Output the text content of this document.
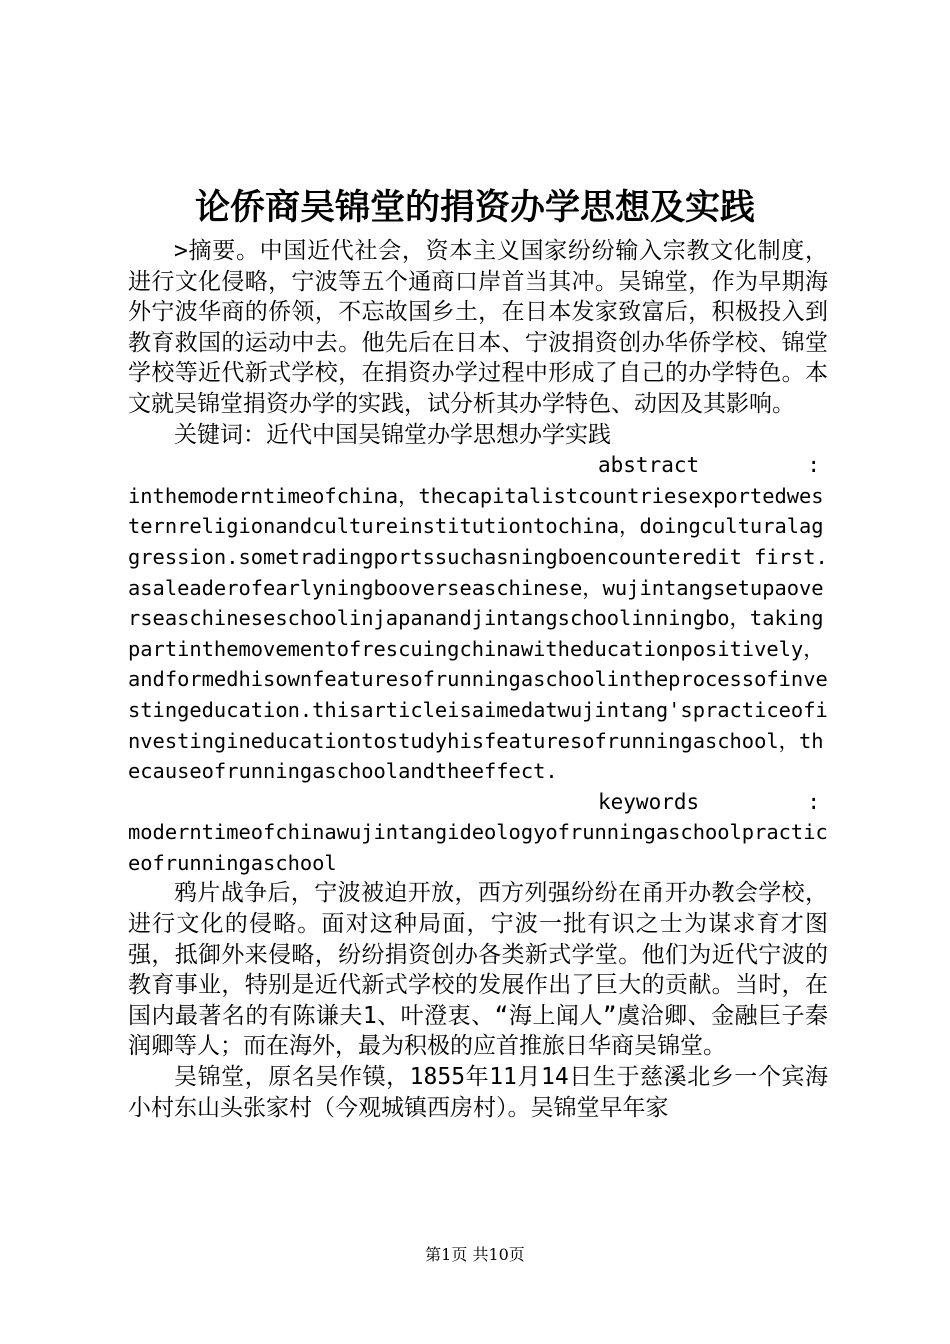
论侨商吴锦堂的捐资办学思想及实践
>摘要。中国近代社会，资本主义国家纷纷输入宗教文化制度，进行文化侵略，宁波等五个通商口岸首当其冲。吴锦堂，作为早期海外宁波华商的侨领，不忘故国乡土，在日本发家致富后，积极投入到教育救国的运动中去。他先后在日本、宁波捐资创办华侨学校、锦堂学校等近代新式学校，在捐资办学过程中形成了自己的办学特色。本文就吴锦堂捐资办学的实践，试分析其办学特色、动因及其影响。
关键词：近代中国吴锦堂办学思想办学实践
abstract	:
inthemoderntimeofchina，thecapitalistcountriesexportedwesternreligionandcultureinstitutiontochina，doingculturalaggression.sometradingportssuchasningboencounteredit first.asaleaderofearlyningbooverseaschinese，wujintangsetupaoverseaschineseschoolinjapanandjintangschoolinningbo，takingpartinthemovementofrescuingchinawitheducationpositively，andformedhisownfeaturesofrunningaschoolintheprocessofinvestingeducation.thisarticleisaimedatwujintang'spracticeofinvestingineducationtostudyhisfeaturesofrunningaschool，thecauseofrunningaschoolandtheeffect.
keywords	:
moderntimeofchinawujintangideologyofrunningaschoolpracticeofrunningaschool
鸦片战争后，宁波被迫开放，西方列强纷纷在甬开办教会学校，进行文化的侵略。面对这种局面，宁波一批有识之士为谋求育才图强，抵御外来侵略，纷纷捐资创办各类新式学堂。他们为近代宁波的教育事业，特别是近代新式学校的发展作出了巨大的贡献。当时，在国内最著名的有陈谦夫1、叶澄衷、“海上闻人”虞洽卿、金融巨子秦润卿等人；而在海外，最为积极的应首推旅日华商吴锦堂。
吴锦堂，原名吴作镆，1855年11月14日生于慈溪北乡一个宾海小村东山头张家村（今观城镇西房村）。吴锦堂早年家
第1页 共10页
